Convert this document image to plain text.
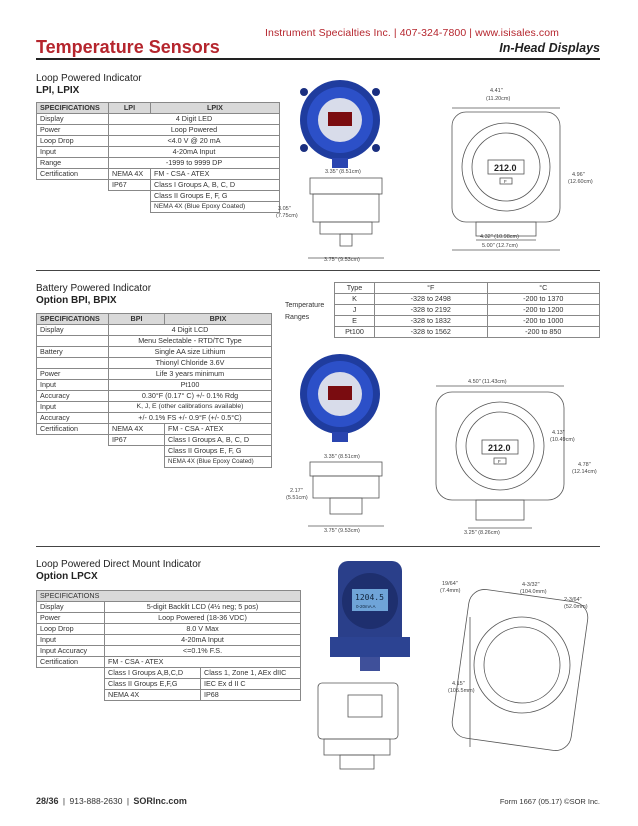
Instrument Specialties Inc. | 407-324-7800 | www.isisales.com
Temperature Sensors	In-Head Displays
Loop Powered Indicator
LPI, LPIX
SPECIFICATIONS	LPI	LPIX
Display	4 Digit LED	
Power	Loop Powered	
Loop Drop	<4.0 V @ 20 mA	
Input	4-20mA Input	
Range	-1999 to 9999 DP	
Certification	NEMA 4X	FM - CSA - ATEX
	IP67	Class I Groups A, B, C, D
		Class II Groups E, F, G
		NEMA 4X (Blue Epoxy Coated)
3.35" (8.51cm)
3.05"
(7.75cm)
3.75" (9.53cm)
212.0
F
4.41"
(11.20cm)
4.96"
(12.60cm)
4.32" (10.98cm)
5.00" (12.7cm)
Battery Powered Indicator
Option BPI, BPIX
SPECIFICATIONS	BPI	BPIX
Display	4 Digit LCD	
	Menu Selectable - RTD/TC Type	
Battery	Single AA size Lithium	
	Thionyl Chloride 3.6V	
Power	Life 3 years minimum	
Input	Pt100	
Accuracy	0.30°F (0.17° C) +/- 0.1% Rdg	
Input	K, J, E (other calibrations available)	
Accuracy	+/- 0.1% FS +/- 0.9°F (+/- 0.5°C)	
Certification	NEMA 4X	FM - CSA - ATEX
	IP67	Class I Groups A, B, C, D
		Class II Groups E, F, G
		NEMA 4X (Blue Epoxy Coated)
Temperature
Ranges
Type	°F	°C
K	-328 to 2498	-200 to 1370
J	-328 to 2192	-200 to 1200
E	-328 to 1832	-200 to 1000
Pt100	-328 to 1562	-200 to 850
3.35" (8.51cm)
2.17"
(5.51cm)
3.75" (9.53cm)
212.0
F
4.50" (11.43cm)
4.13"
(10.49cm)
4.78"
(12.14cm)
3.25" (8.26cm)
Loop Powered Direct Mount Indicator
Option LPCX
SPECIFICATIONS		
Display	5-digit Backlit LCD (4½ neg; 5 pos)	
Power	Loop Powered (18-36 VDC)	
Loop Drop	8.0 V Max	
Input	4-20mA Input	
Input Accuracy	<=0.1% F.S.	
Certification	FM - CSA - ATEX	
	Class I Groups A,B,C,D	Class 1, Zone 1, AEx dIIC
	Class II Groups E,F,G	IEC Ex d II C
	NEMA 4X	IP68
1204.5
0-20mA A
19/64"
(7.4mm)
4-3/32"
(104.0mm)
2-3/64"
(52.0mm)
4.15"
(105.5mm)
28/36 | 913-888-2630 | SORInc.com	Form 1667 (05.17) ©SOR Inc.
